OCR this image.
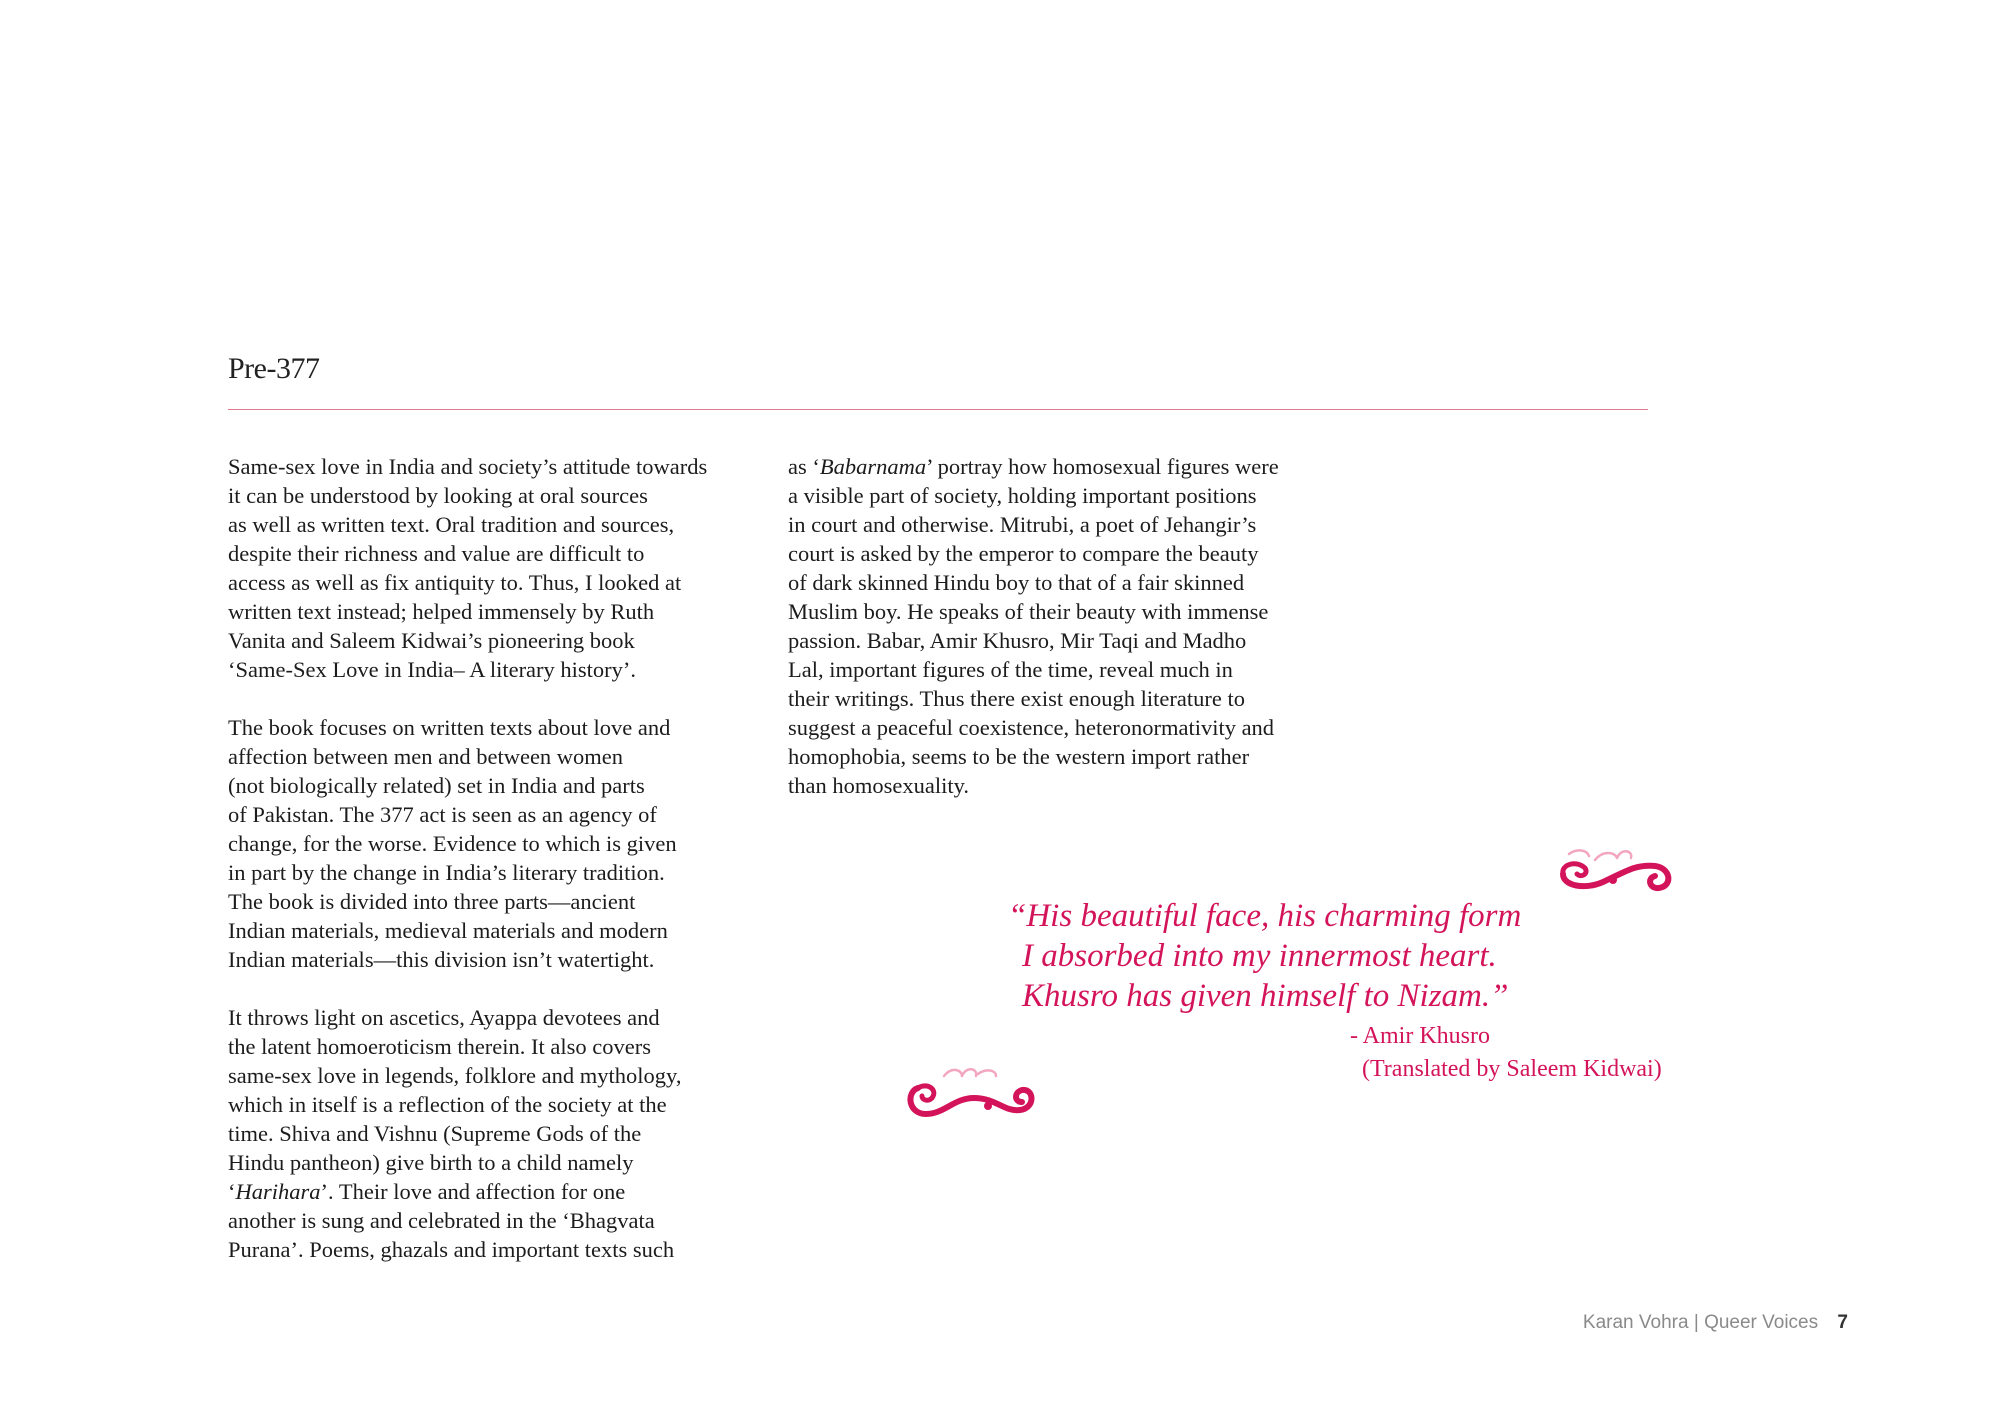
Pre-377
Same-sex love in India and society’s attitude towards
it can be understood by looking at oral sources
as well as written text. Oral tradition and sources,
despite their richness and value are difficult to
access as well as fix antiquity to. Thus, I looked at
written text instead; helped immensely by Ruth
Vanita and Saleem Kidwai’s pioneering book
‘Same-Sex Love in India– A literary history’.
The book focuses on written texts about love and
affection between men and between women
(not biologically related) set in India and parts
of Pakistan. The 377 act is seen as an agency of
change, for the worse. Evidence to which is given
in part by the change in India’s literary tradition.
The book is divided into three parts—ancient
Indian materials, medieval materials and modern
Indian materials—this division isn’t watertight.
It throws light on ascetics, Ayappa devotees and
the latent homoeroticism therein. It also covers
same-sex love in legends, folklore and mythology,
which in itself is a reflection of the society at the
time. Shiva and Vishnu (Supreme Gods of the
Hindu pantheon) give birth to a child namely
‘Harihara’. Their love and affection for one
another is sung and celebrated in the ‘Bhagvata
Purana’. Poems, ghazals and important texts such
as ‘Babarnama’ portray how homosexual figures were
a visible part of society, holding important positions
in court and otherwise. Mitrubi, a poet of Jehangir’s
court is asked by the emperor to compare the beauty
of dark skinned Hindu boy to that of a fair skinned
Muslim boy. He speaks of their beauty with immense
passion. Babar, Amir Khusro, Mir Taqi and Madho
Lal, important figures of the time, reveal much in
their writings. Thus there exist enough literature to
suggest a peaceful coexistence, heteronormativity and
homophobia, seems to be the western import rather
than homosexuality.
“His beautiful face, his charming form
I absorbed into my innermost heart.
Khusro has given himself to Nizam.”
- Amir Khusro
(Translated by Saleem Kidwai)
Karan Vohra | Queer Voices 7
